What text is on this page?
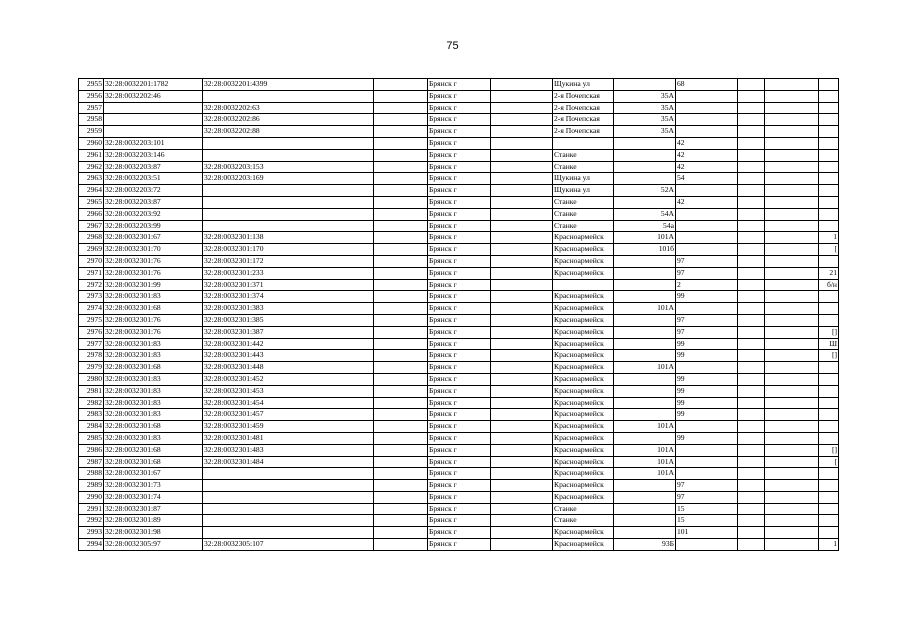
75
2955	32:28:0032201:1782	32:28:0032201:4399		Брянск г		Щукина ул		68			
2956	32:28:0032202:46			Брянск г		2-я Почепская	35А				
2957		32:28:0032202:63		Брянск г		2-я Почепская	35А				
2958		32:28:0032202:86		Брянск г		2-я Почепская	35А				
2959		32:28:0032202:88		Брянск г		2-я Почепская	35А				
2960	32:28:0032203:101			Брянск г				42			
2961	32:28:0032203:146			Брянск г		Станке		42			
2962	32:28:0032203:87	32:28:0032203:153		Брянск г		Станке		42			
2963	32:28:0032203:51	32:28:0032203:169		Брянск г		Щукина ул		54			
2964	32:28:0032203:72			Брянск г		Щукина ул	52А				
2965	32:28:0032203:87			Брянск г		Станке		42			
2966	32:28:0032203:92			Брянск г		Станке	54А				
2967	32:28:0032203:99			Брянск г		Станке	54а				
2968	32:28:0032301:67	32:28:0032301:138		Брянск г		Красноармейск	101А				1
2969	32:28:0032301:70	32:28:0032301:170		Брянск г		Красноармейск	101б				[
2970	32:28:0032301:76	32:28:0032301:172		Брянск г		Красноармейск		97			
2971	32:28:0032301:76	32:28:0032301:233		Брянск г		Красноармейск		97			21
2972	32:28:0032301:99	32:28:0032301:371		Брянск г				2			б/н
2973	32:28:0032301:83	32:28:0032301:374		Брянск г		Красноармейск		99			
2974	32:28:0032301:68	32:28:0032301:383		Брянск г		Красноармейск	101А				
2975	32:28:0032301:76	32:28:0032301:385		Брянск г		Красноармейск		97			
2976	32:28:0032301:76	32:28:0032301:387		Брянск г		Красноармейск		97			[]
2977	32:28:0032301:83	32:28:0032301:442		Брянск г		Красноармейск		99			Ш
2978	32:28:0032301:83	32:28:0032301:443		Брянск г		Красноармейск		99			[]
2979	32:28:0032301:68	32:28:0032301:448		Брянск г		Красноармейск	101А				
2980	32:28:0032301:83	32:28:0032301:452		Брянск г		Красноармейск		99			
2981	32:28:0032301:83	32:28:0032301:453		Брянск г		Красноармейск		99			
2982	32:28:0032301:83	32:28:0032301:454		Брянск г		Красноармейск		99			
2983	32:28:0032301:83	32:28:0032301:457		Брянск г		Красноармейск		99			
2984	32:28:0032301:68	32:28:0032301:459		Брянск г		Красноармейск	101А				
2985	32:28:0032301:83	32:28:0032301:481		Брянск г		Красноармейск		99			
2986	32:28:0032301:68	32:28:0032301:483		Брянск г		Красноармейск	101А				[]
2987	32:28:0032301:68	32:28:0032301:484		Брянск г		Красноармейск	101А				[
2988	32:28:0032301:67			Брянск г		Красноармейск	101А				
2989	32:28:0032301:73			Брянск г		Красноармейск		97			
2990	32:28:0032301:74			Брянск г		Красноармейск		97			
2991	32:28:0032301:87			Брянск г		Станке		15			
2992	32:28:0032301:89			Брянск г		Станке		15			
2993	32:28:0032301:98			Брянск г		Красноармейск		101			
2994	32:28:0032305:97	32:28:0032305:107		Брянск г		Красноармейск	93Б				1
